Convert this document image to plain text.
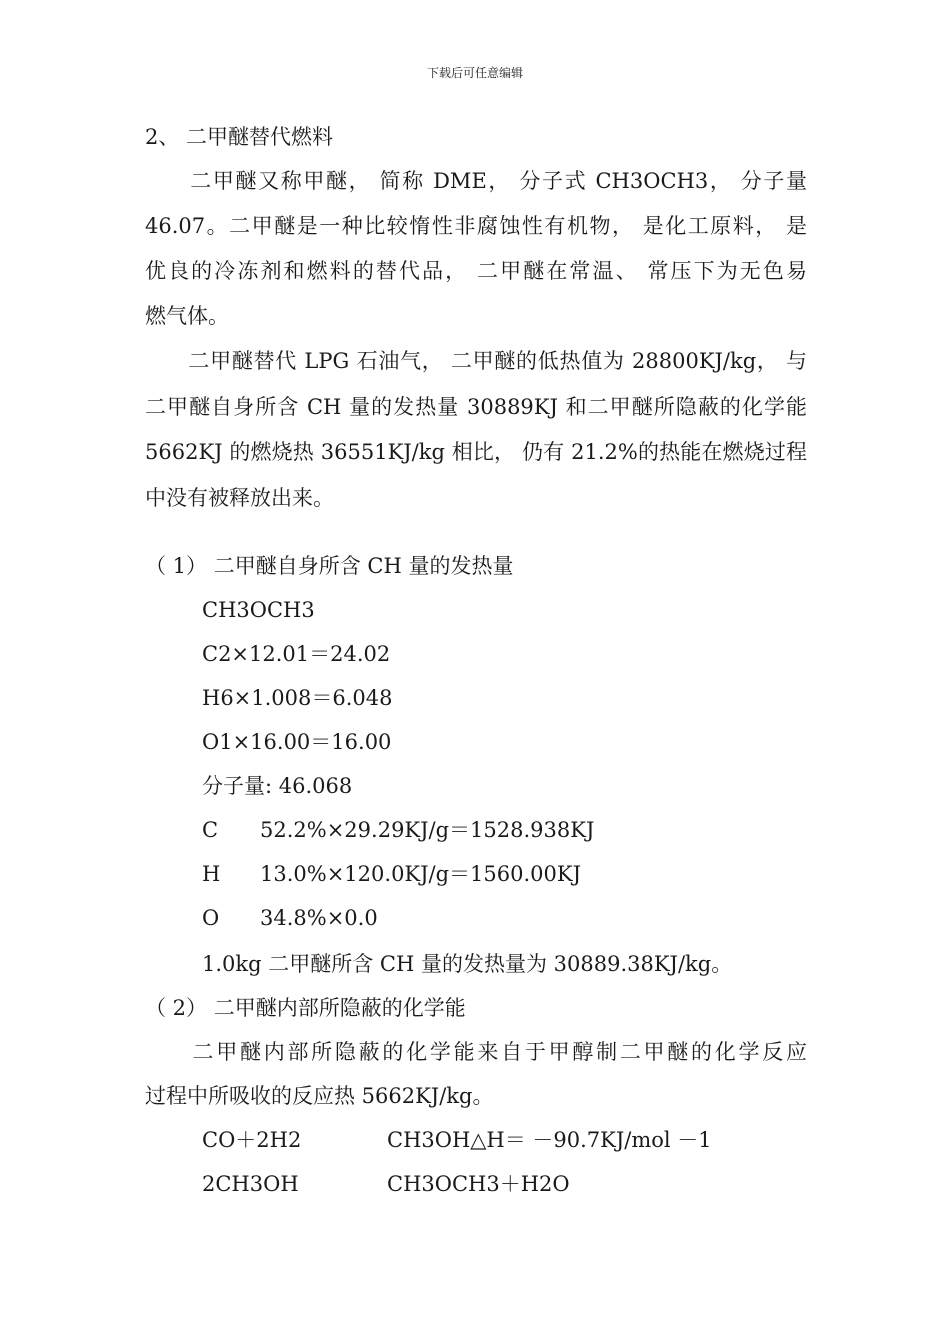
下载后可任意编辑
2、 二甲醚替代燃料
　　二甲醚又称甲醚， 简称 DME， 分子式 CH3OCH3， 分子量
46.07。二甲醚是一种比较惰性非腐蚀性有机物， 是化工原料， 是
优良的冷冻剂和燃料的替代品， 二甲醚在常温、 常压下为无色易
燃气体。
　　二甲醚替代 LPG 石油气， 二甲醚的低热值为 28800KJ/kg， 与
二甲醚自身所含 CH 量的发热量 30889KJ 和二甲醚所隐蔽的化学能
5662KJ 的燃烧热 36551KJ/kg 相比， 仍有 21.2%的热能在燃烧过程
中没有被释放出来。
（ 1） 二甲醚自身所含 CH 量的发热量
CH3OCH3
C2×12.01＝24.02
H6×1.008＝6.048
O1×16.00＝16.00
分子量: 46.068
C 52.2%×29.29KJ/g＝1528.938KJ
H 13.0%×120.0KJ/g＝1560.00KJ
O 34.8%×0.0
1.0kg 二甲醚所含 CH 量的发热量为 30889.38KJ/kg。
（ 2） 二甲醚内部所隐蔽的化学能
　　二甲醚内部所隐蔽的化学能来自于甲醇制二甲醚的化学反应
过程中所吸收的反应热 5662KJ/kg。
CO＋2H2	CH3OH△H＝ －90.7KJ/mol －1
2CH3OH	CH3OCH3＋H2O
